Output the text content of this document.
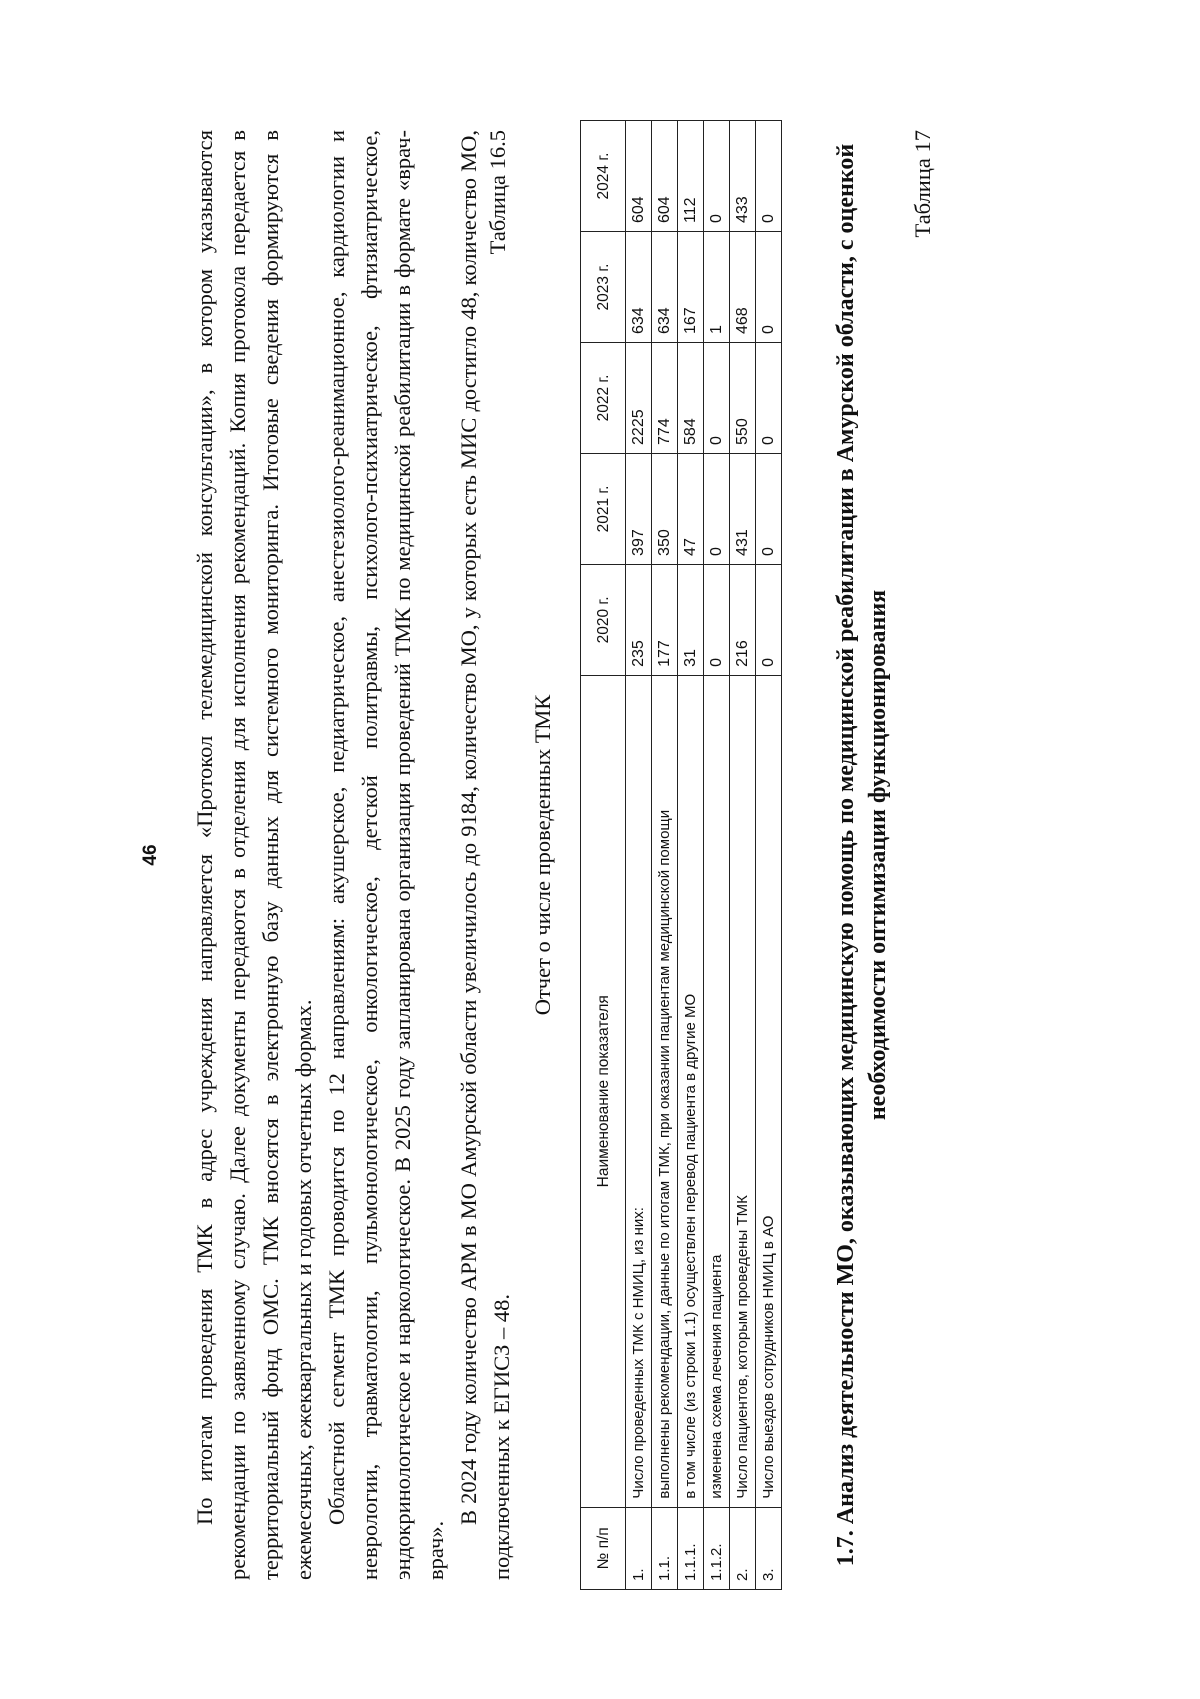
46 По итогам проведения ТМК в адрес учреждения направляется «Протокол телемедицинской консультации», в котором указываются рекомендации по заявленному случаю. Далее документы передаются в отделения для исполнения рекомендаций. Копия протокола передается в территориальный фонд ОМС. ТМК вносятся в электронную базу данных для системного мониторинга. Итоговые сведения формируются в ежемесячных, ежеквартальных и годовых отчетных формах. Областной сегмент ТМК проводится по 12 направлениям: акушерское, педиатрическое, анестезиолого-реанимационное, кардиологии и неврологии, травматологии, пульмонологическое, онкологическое, детской политравмы, психолого-психиатрическое, фтизиатрическое, эндокринологическое и наркологическое. В 2025 году запланирована организация проведений ТМК по медицинской реабилитации в формате «врач-врач».

В 2024 году количество АРМ в МО Амурской области увеличилось до 9184, количество МО, у которых есть МИС достигло 48, количество МО, подключенных к ЕГИСЗ – 48.

Таблица 16.5
Отчет о числе проведенных ТМК
№ п/п	Наименование показателя	2020 г.	2021 г.	2022 г.	2023 г.	2024 г.
1.	Число проведенных ТМК с НМИЦ, из них:	235	397	2225	634	604
1.1.	выполнены рекомендации, данные по итогам ТМК, при оказании пациентам медицинской помощи	177	350	774	634	604
1.1.1.	в том числе (из строки 1.1) осуществлен перевод пациента в другие МО	31	47	584	167	112
1.1.2.	изменена схема лечения пациента	0	0	0	1	0
2.	Число пациентов, которым проведены ТМК	216	431	550	468	433
3.	Число выездов сотрудников НМИЦ в АО	0	0	0	0	0 1.7. Анализ деятельности МО, оказывающих медицинскую помощь по медицинской реабилитации в Амурской области, с оценкой необходимости оптимизации функционирования
Таблица 17
